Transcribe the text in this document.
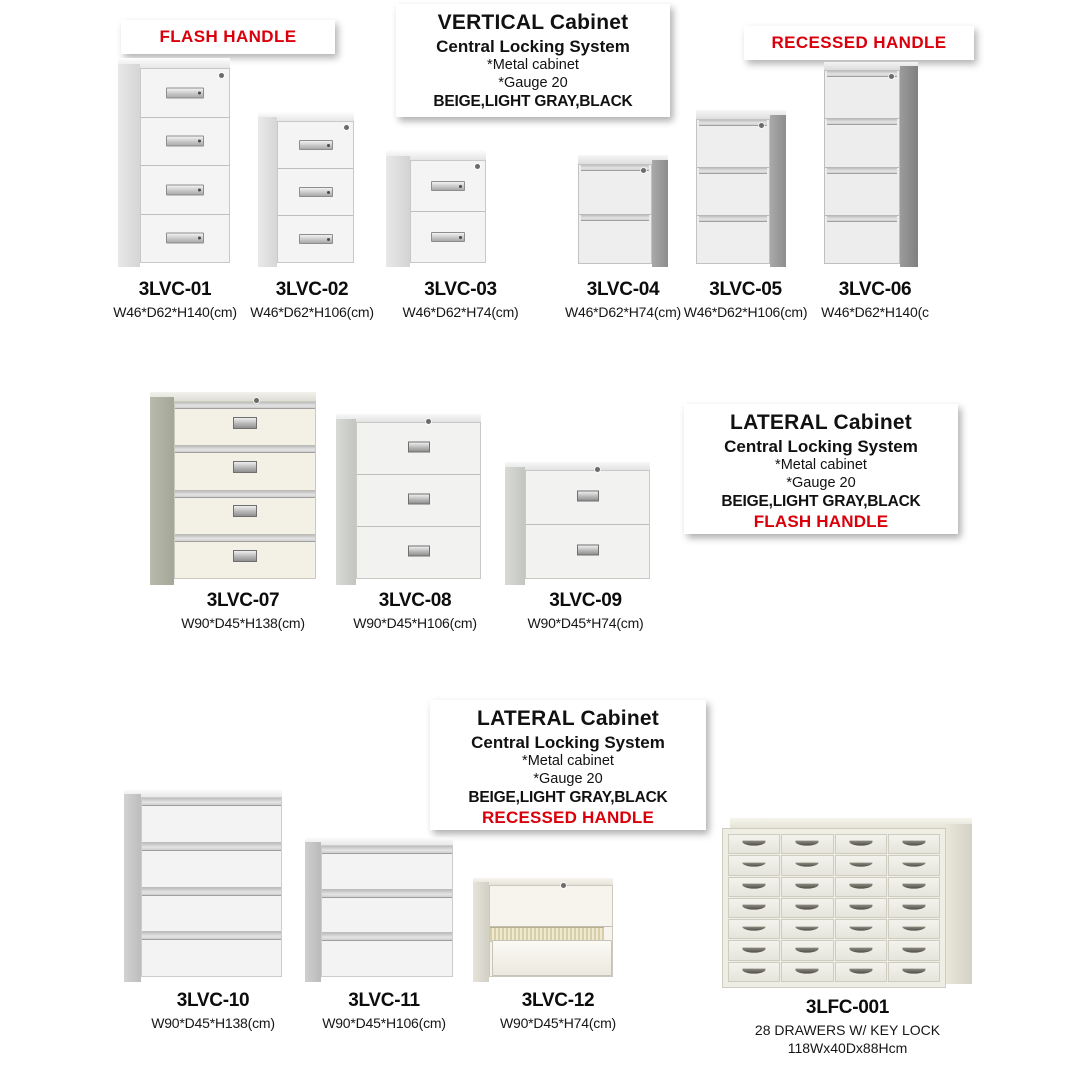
FLASH HANDLE	RECESSED HANDLE
VERTICAL Cabinet
Central Locking System
*Metal cabinet
*Gauge 20
BEIGE,LIGHT GRAY,BLACK
LATERAL Cabinet
Central Locking System
*Metal cabinet
*Gauge 20
BEIGE,LIGHT GRAY,BLACK
FLASH HANDLE
LATERAL Cabinet
Central Locking System
*Metal cabinet
*Gauge 20
BEIGE,LIGHT GRAY,BLACK
RECESSED HANDLE
3LVC-01
W46*D62*H140(cm)
3LVC-02
W46*D62*H106(cm)
3LVC-03
W46*D62*H74(cm)
3LVC-04
W46*D62*H74(cm)
3LVC-05
W46*D62*H106(cm)
3LVC-06
W46*D62*H140(c
3LVC-07
W90*D45*H138(cm)
3LVC-08
W90*D45*H106(cm)
3LVC-09
W90*D45*H74(cm)
3LVC-10
W90*D45*H138(cm)
3LVC-11
W90*D45*H106(cm)
3LVC-12
W90*D45*H74(cm)
3LFC-001
28 DRAWERS W/ KEY LOCK
118Wx40Dx88Hcm
